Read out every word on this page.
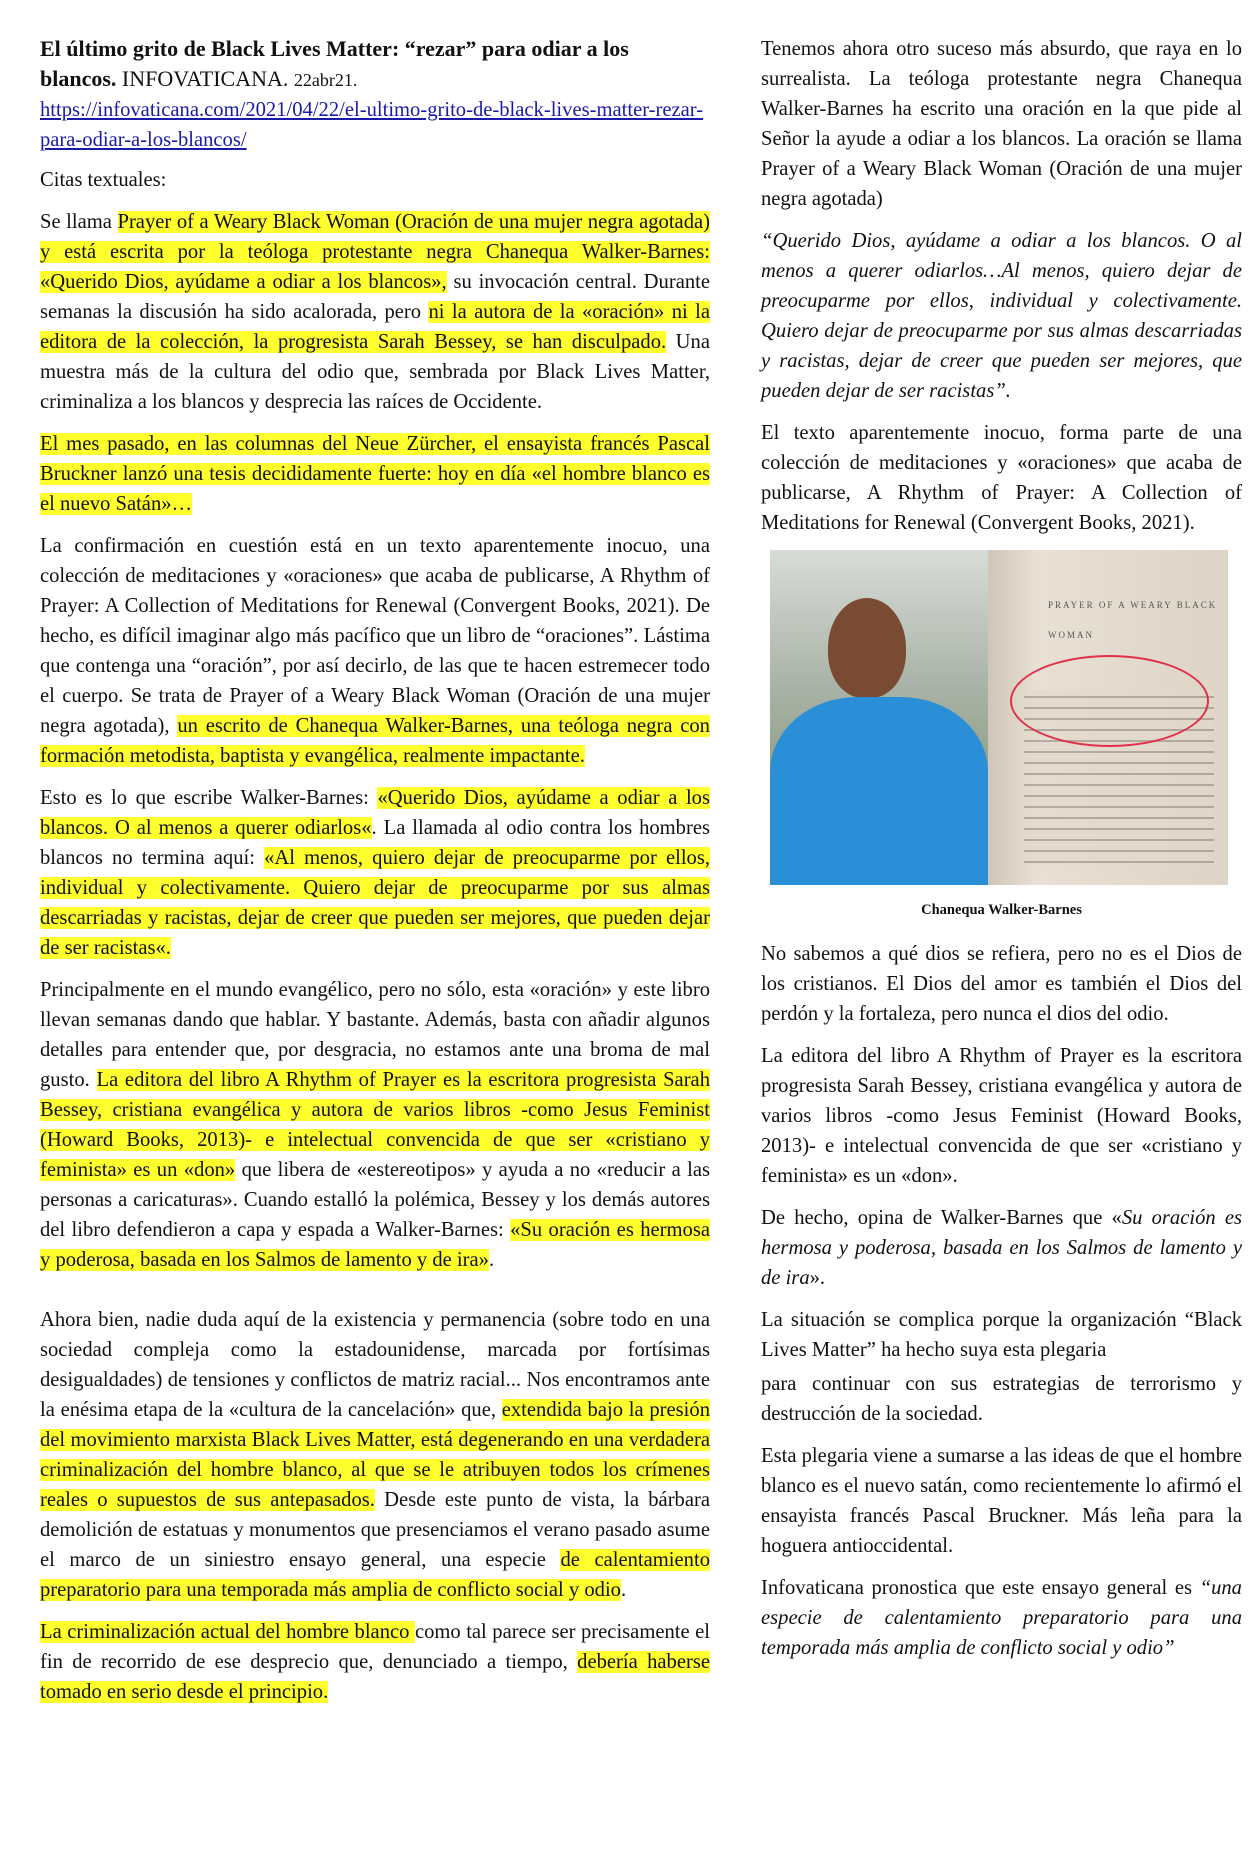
El último grito de Black Lives Matter: “rezar” para odiar a los blancos. INFOVATICANA. 22abr21.

https://infovaticana.com/2021/04/22/el-ultimo-grito-de-black-lives-matter-rezar-para-odiar-a-los-blancos/

Citas textuales:

Se llama Prayer of a Weary Black Woman (Oración de una mujer negra agotada) y está escrita por la teóloga protestante negra Chanequa Walker-Barnes: «Querido Dios, ayúdame a odiar a los blancos», su invocación central. Durante semanas la discusión ha sido acalorada, pero ni la autora de la «oración» ni la editora de la colección, la progresista Sarah Bessey, se han disculpado. Una muestra más de la cultura del odio que, sembrada por Black Lives Matter, criminaliza a los blancos y desprecia las raíces de Occidente.

El mes pasado, en las columnas del Neue Zürcher, el ensayista francés Pascal Bruckner lanzó una tesis decididamente fuerte: hoy en día «el hombre blanco es el nuevo Satán»…

La confirmación en cuestión está en un texto aparentemente inocuo, una colección de meditaciones y «oraciones» que acaba de publicarse, A Rhythm of Prayer: A Collection of Meditations for Renewal (Convergent Books, 2021). De hecho, es difícil imaginar algo más pacífico que un libro de “oraciones”. Lástima que contenga una “oración”, por así decirlo, de las que te hacen estremecer todo el cuerpo. Se trata de Prayer of a Weary Black Woman (Oración de una mujer negra agotada), un escrito de Chanequa Walker-Barnes, una teóloga negra con formación metodista, baptista y evangélica, realmente impactante.

Esto es lo que escribe Walker-Barnes: «Querido Dios, ayúdame a odiar a los blancos. O al menos a querer odiarlos«. La llamada al odio contra los hombres blancos no termina aquí: «Al menos, quiero dejar de preocuparme por ellos, individual y colectivamente. Quiero dejar de preocuparme por sus almas descarriadas y racistas, dejar de creer que pueden ser mejores, que pueden dejar de ser racistas«.

Principalmente en el mundo evangélico, pero no sólo, esta «oración» y este libro llevan semanas dando que hablar. Y bastante. Además, basta con añadir algunos detalles para entender que, por desgracia, no estamos ante una broma de mal gusto. La editora del libro A Rhythm of Prayer es la escritora progresista Sarah Bessey, cristiana evangélica y autora de varios libros -como Jesus Feminist (Howard Books, 2013)- e intelectual convencida de que ser «cristiano y feminista» es un «don» que libera de «estereotipos» y ayuda a no «reducir a las personas a caricaturas». Cuando estalló la polémica, Bessey y los demás autores del libro defendieron a capa y espada a Walker-Barnes: «Su oración es hermosa y poderosa, basada en los Salmos de lamento y de ira».

Ahora bien, nadie duda aquí de la existencia y permanencia (sobre todo en una sociedad compleja como la estadounidense, marcada por fortísimas desigualdades) de tensiones y conflictos de matriz racial... Nos encontramos ante la enésima etapa de la «cultura de la cancelación» que, extendida bajo la presión del movimiento marxista Black Lives Matter, está degenerando en una verdadera criminalización del hombre blanco, al que se le atribuyen todos los crímenes reales o supuestos de sus antepasados. Desde este punto de vista, la bárbara demolición de estatuas y monumentos que presenciamos el verano pasado asume el marco de un siniestro ensayo general, una especie de calentamiento preparatorio para una temporada más amplia de conflicto social y odio.

La criminalización actual del hombre blanco como tal parece ser precisamente el fin de recorrido de ese desprecio que, denunciado a tiempo, debería haberse tomado en serio desde el principio.

Tenemos ahora otro suceso más absurdo, que raya en lo surrealista. La teóloga protestante negra Chanequa Walker-Barnes ha escrito una oración en la que pide al Señor la ayude a odiar a los blancos. La oración se llama Prayer of a Weary Black Woman (Oración de una mujer negra agotada)

“Querido Dios, ayúdame a odiar a los blancos. O al menos a querer odiarlos…Al menos, quiero dejar de preocuparme por ellos, individual y colectivamente. Quiero dejar de preocuparme por sus almas descarriadas y racistas, dejar de creer que pueden ser mejores, que pueden dejar de ser racistas”.

El texto aparentemente inocuo, forma parte de una colección de meditaciones y «oraciones» que acaba de publicarse, A Rhythm of Prayer: A Collection of Meditations for Renewal (Convergent Books, 2021).

PRAYER OF A WEARY BLACK WOMAN
Chanequa Walker-Barnes

No sabemos a qué dios se refiera, pero no es el Dios de los cristianos. El Dios del amor es también el Dios del perdón y la fortaleza, pero nunca el dios del odio.

La editora del libro A Rhythm of Prayer es la escritora progresista Sarah Bessey, cristiana evangélica y autora de varios libros -como Jesus Feminist (Howard Books, 2013)- e intelectual convencida de que ser «cristiano y feminista» es un «don».

De hecho, opina de Walker-Barnes que «Su oración es hermosa y poderosa, basada en los Salmos de lamento y de ira».

La situación se complica porque la organización “Black Lives Matter” ha hecho suya esta plegaria

para continuar con sus estrategias de terrorismo y destrucción de la sociedad.

Esta plegaria viene a sumarse a las ideas de que el hombre blanco es el nuevo satán, como recientemente lo afirmó el ensayista francés Pascal Bruckner. Más leña para la hoguera antioccidental.

Infovaticana pronostica que este ensayo general es “una especie de calentamiento preparatorio para una temporada más amplia de conflicto social y odio”
